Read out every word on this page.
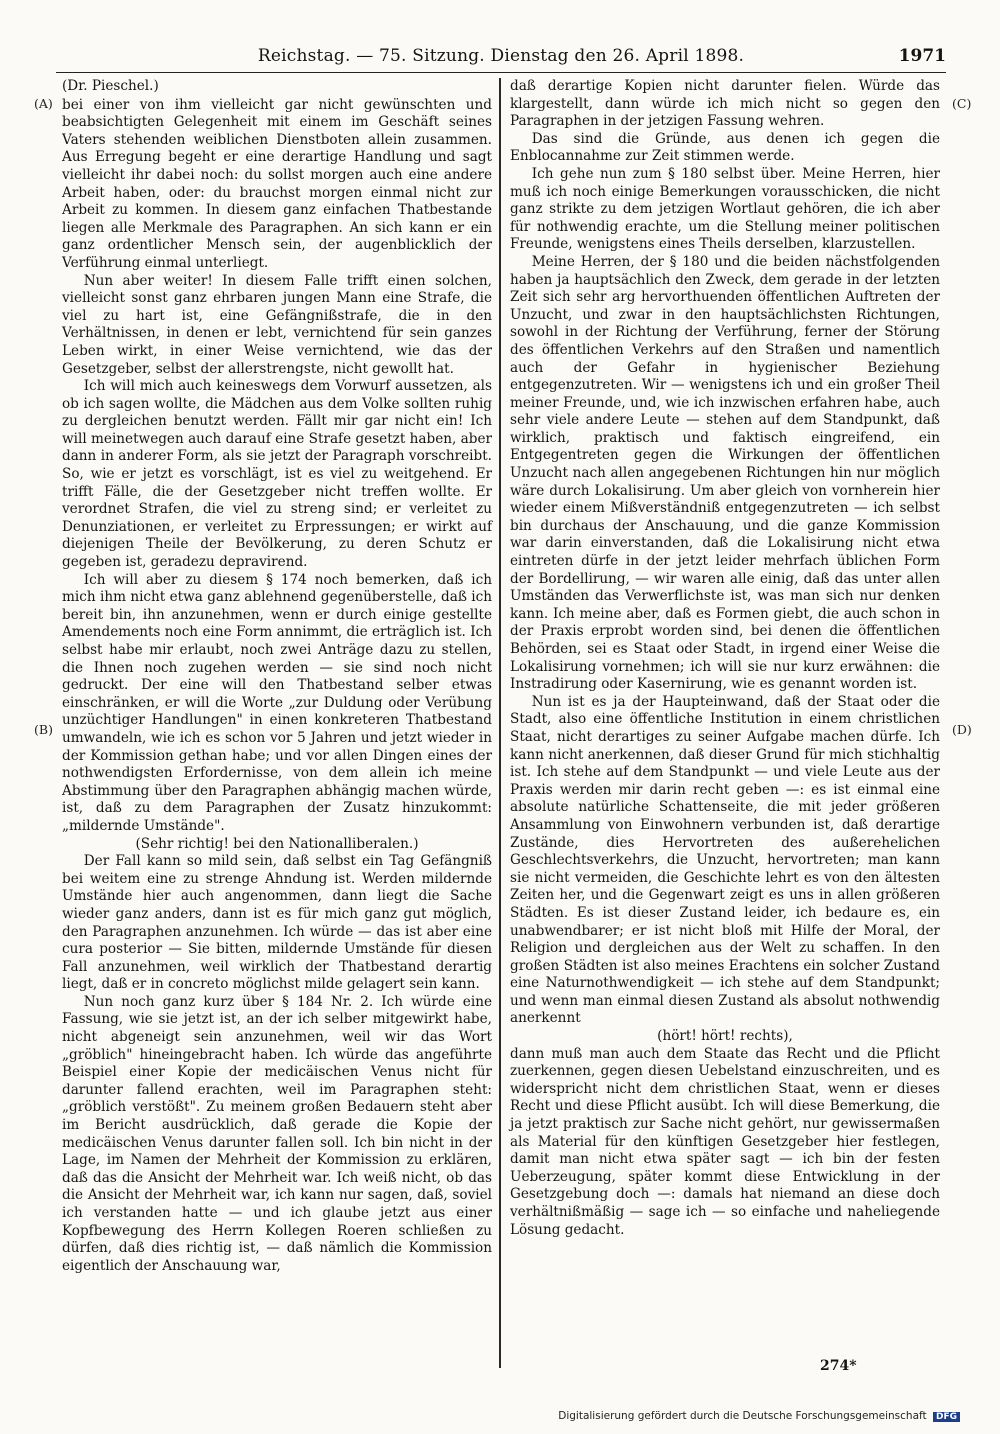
Reichstag. — 75. Sitzung. Dienstag den 26. April 1898.	1971
(A)
(B)
(C)
(D)

(Dr. Pieschel.)

bei einer von ihm vielleicht gar nicht gewünschten und beabsichtigten Gelegenheit mit einem im Geschäft seines Vaters stehenden weiblichen Dienstboten allein zusammen. Aus Erregung begeht er eine derartige Handlung und sagt vielleicht ihr dabei noch: du sollst morgen auch eine andere Arbeit haben, oder: du brauchst morgen einmal nicht zur Arbeit zu kommen. In diesem ganz einfachen Thatbestande liegen alle Merkmale des Paragraphen. An sich kann er ein ganz ordentlicher Mensch sein, der augenblicklich der Verführung einmal unterliegt.

Nun aber weiter! In diesem Falle trifft einen solchen, vielleicht sonst ganz ehrbaren jungen Mann eine Strafe, die viel zu hart ist, eine Gefängnißstrafe, die in den Verhältnissen, in denen er lebt, vernichtend für sein ganzes Leben wirkt, in einer Weise vernichtend, wie das der Gesetzgeber, selbst der allerstrengste, nicht gewollt hat.

Ich will mich auch keineswegs dem Vorwurf aussetzen, als ob ich sagen wollte, die Mädchen aus dem Volke sollten ruhig zu dergleichen benutzt werden. Fällt mir gar nicht ein! Ich will meinetwegen auch darauf eine Strafe gesetzt haben, aber dann in anderer Form, als sie jetzt der Paragraph vorschreibt. So, wie er jetzt es vorschlägt, ist es viel zu weitgehend. Er trifft Fälle, die der Gesetzgeber nicht treffen wollte. Er verordnet Strafen, die viel zu streng sind; er verleitet zu Denunziationen, er verleitet zu Erpressungen; er wirkt auf diejenigen Theile der Bevölkerung, zu deren Schutz er gegeben ist, geradezu depravirend.

Ich will aber zu diesem § 174 noch bemerken, daß ich mich ihm nicht etwa ganz ablehnend gegenüberstelle, daß ich bereit bin, ihn anzunehmen, wenn er durch einige gestellte Amendements noch eine Form annimmt, die erträglich ist. Ich selbst habe mir erlaubt, noch zwei Anträge dazu zu stellen, die Ihnen noch zugehen werden — sie sind noch nicht gedruckt. Der eine will den Thatbestand selber etwas einschränken, er will die Worte „zur Duldung oder Verübung unzüchtiger Handlungen" in einen konkreteren Thatbestand umwandeln, wie ich es schon vor 5 Jahren und jetzt wieder in der Kommission gethan habe; und vor allen Dingen eines der nothwendigsten Erfordernisse, von dem allein ich meine Abstimmung über den Paragraphen abhängig machen würde, ist, daß zu dem Paragraphen der Zusatz hinzukommt: „mildernde Umstände".

(Sehr richtig! bei den Nationalliberalen.)

Der Fall kann so mild sein, daß selbst ein Tag Gefängniß bei weitem eine zu strenge Ahndung ist. Werden mildernde Umstände hier auch angenommen, dann liegt die Sache wieder ganz anders, dann ist es für mich ganz gut möglich, den Paragraphen anzunehmen. Ich würde — das ist aber eine cura posterior — Sie bitten, mildernde Umstände für diesen Fall anzunehmen, weil wirklich der Thatbestand derartig liegt, daß er in concreto möglichst milde gelagert sein kann.

Nun noch ganz kurz über § 184 Nr. 2. Ich würde eine Fassung, wie sie jetzt ist, an der ich selber mitgewirkt habe, nicht abgeneigt sein anzunehmen, weil wir das Wort „gröblich" hineingebracht haben. Ich würde das angeführte Beispiel einer Kopie der medicäischen Venus nicht für darunter fallend erachten, weil im Paragraphen steht: „gröblich verstößt". Zu meinem großen Bedauern steht aber im Bericht ausdrücklich, daß gerade die Kopie der medicäischen Venus darunter fallen soll. Ich bin nicht in der Lage, im Namen der Mehrheit der Kommission zu erklären, daß das die Ansicht der Mehrheit war. Ich weiß nicht, ob das die Ansicht der Mehrheit war, ich kann nur sagen, daß, soviel ich verstanden hatte — und ich glaube jetzt aus einer Kopfbewegung des Herrn Kollegen Roeren schließen zu dürfen, daß dies richtig ist, — daß nämlich die Kommission eigentlich der Anschauung war,

daß derartige Kopien nicht darunter fielen. Würde das klargestellt, dann würde ich mich nicht so gegen den Paragraphen in der jetzigen Fassung wehren.

Das sind die Gründe, aus denen ich gegen die Enblocannahme zur Zeit stimmen werde.

Ich gehe nun zum § 180 selbst über. Meine Herren, hier muß ich noch einige Bemerkungen vorausschicken, die nicht ganz strikte zu dem jetzigen Wortlaut gehören, die ich aber für nothwendig erachte, um die Stellung meiner politischen Freunde, wenigstens eines Theils derselben, klarzustellen.

Meine Herren, der § 180 und die beiden nächstfolgenden haben ja hauptsächlich den Zweck, dem gerade in der letzten Zeit sich sehr arg hervorthuenden öffentlichen Auftreten der Unzucht, und zwar in den hauptsächlichsten Richtungen, sowohl in der Richtung der Verführung, ferner der Störung des öffentlichen Verkehrs auf den Straßen und namentlich auch der Gefahr in hygienischer Beziehung entgegenzutreten. Wir — wenigstens ich und ein großer Theil meiner Freunde, und, wie ich inzwischen erfahren habe, auch sehr viele andere Leute — stehen auf dem Standpunkt, daß wirklich, praktisch und faktisch eingreifend, ein Entgegentreten gegen die Wirkungen der öffentlichen Unzucht nach allen angegebenen Richtungen hin nur möglich wäre durch Lokalisirung. Um aber gleich von vornherein hier wieder einem Mißverständniß entgegenzutreten — ich selbst bin durchaus der Anschauung, und die ganze Kommission war darin einverstanden, daß die Lokalisirung nicht etwa eintreten dürfe in der jetzt leider mehrfach üblichen Form der Bordellirung, — wir waren alle einig, daß das unter allen Umständen das Verwerflichste ist, was man sich nur denken kann. Ich meine aber, daß es Formen giebt, die auch schon in der Praxis erprobt worden sind, bei denen die öffentlichen Behörden, sei es Staat oder Stadt, in irgend einer Weise die Lokalisirung vornehmen; ich will sie nur kurz erwähnen: die Instradirung oder Kasernirung, wie es genannt worden ist.

Nun ist es ja der Haupteinwand, daß der Staat oder die Stadt, also eine öffentliche Institution in einem christlichen Staat, nicht derartiges zu seiner Aufgabe machen dürfe. Ich kann nicht anerkennen, daß dieser Grund für mich stichhaltig ist. Ich stehe auf dem Standpunkt — und viele Leute aus der Praxis werden mir darin recht geben —: es ist einmal eine absolute natürliche Schattenseite, die mit jeder größeren Ansammlung von Einwohnern verbunden ist, daß derartige Zustände, dies Hervortreten des außerehelichen Geschlechtsverkehrs, die Unzucht, hervortreten; man kann sie nicht vermeiden, die Geschichte lehrt es von den ältesten Zeiten her, und die Gegenwart zeigt es uns in allen größeren Städten. Es ist dieser Zustand leider, ich bedaure es, ein unabwendbarer; er ist nicht bloß mit Hilfe der Moral, der Religion und dergleichen aus der Welt zu schaffen. In den großen Städten ist also meines Erachtens ein solcher Zustand eine Naturnothwendigkeit — ich stehe auf dem Standpunkt; und wenn man einmal diesen Zustand als absolut nothwendig anerkennt

(hört! hört! rechts),

dann muß man auch dem Staate das Recht und die Pflicht zuerkennen, gegen diesen Uebelstand einzuschreiten, und es widerspricht nicht dem christlichen Staat, wenn er dieses Recht und diese Pflicht ausübt. Ich will diese Bemerkung, die ja jetzt praktisch zur Sache nicht gehört, nur gewissermaßen als Material für den künftigen Gesetzgeber hier festlegen, damit man nicht etwa später sagt — ich bin der festen Ueberzeugung, später kommt diese Entwicklung in der Gesetzgebung doch —: damals hat niemand an diese doch verhältnißmäßig — sage ich — so einfache und naheliegende Lösung gedacht.

274*
Digitalisierung gefördert durch die Deutsche Forschungsgemeinschaft DFG
